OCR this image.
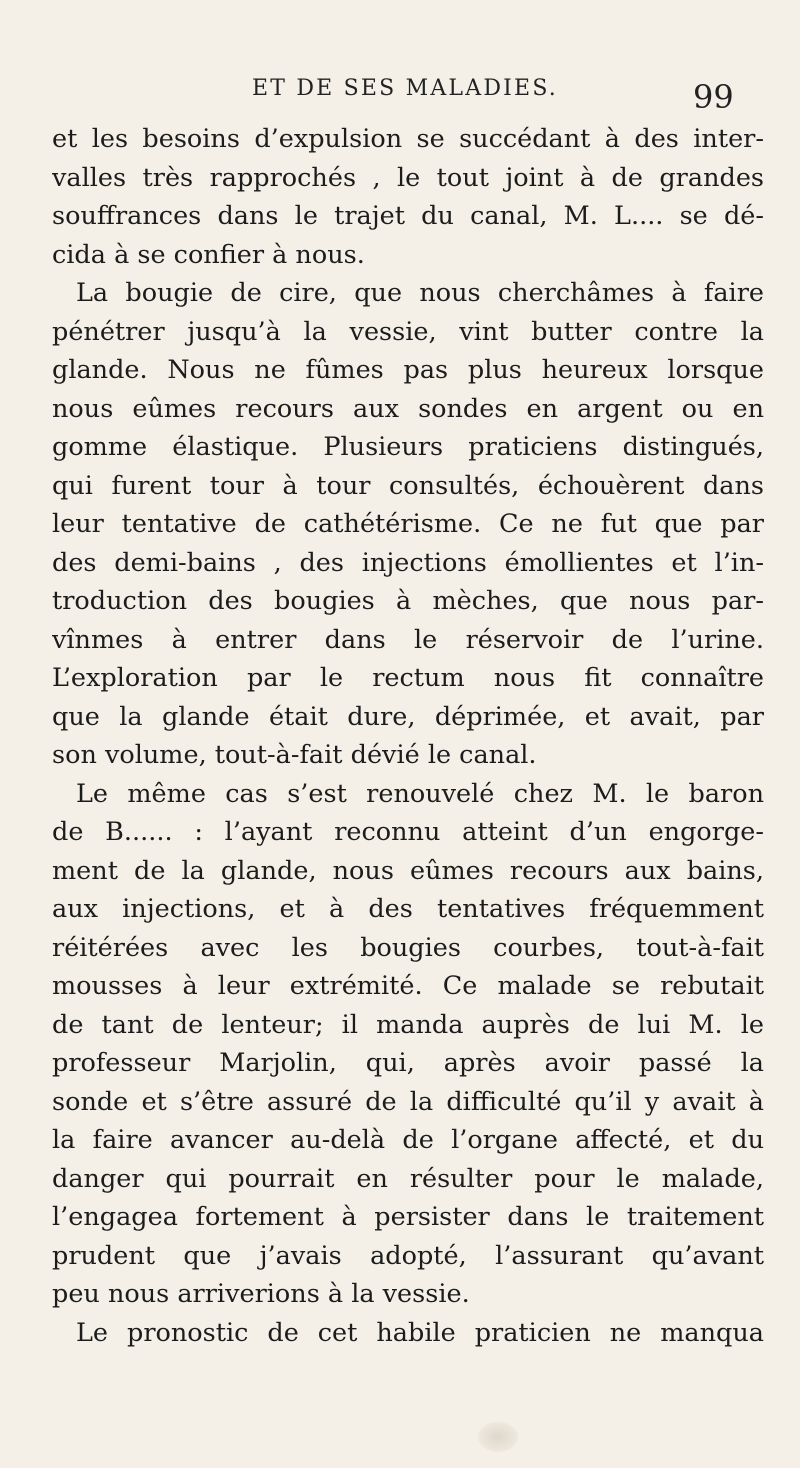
ET DE SES MALADIES.	99
et les besoins d’expulsion se succédant à des inter-
valles très rapprochés , le tout joint à de grandes
souffrances dans le trajet du canal, M. L.... se dé-
cida à se confier à nous.
La bougie de cire, que nous cherchâmes à faire
pénétrer jusqu’à la vessie, vint butter contre la
glande. Nous ne fûmes pas plus heureux lorsque
nous eûmes recours aux sondes en argent ou en
gomme élastique. Plusieurs praticiens distingués,
qui furent tour à tour consultés, échouèrent dans
leur tentative de cathétérisme. Ce ne fut que par
des demi-bains , des injections émollientes et l’in-
troduction des bougies à mèches, que nous par-
vînmes à entrer dans le réservoir de l’urine.
L’exploration par le rectum nous fit connaître
que la glande était dure, déprimée, et avait, par
son volume, tout-à-fait dévié le canal.
Le même cas s’est renouvelé chez M. le baron
de B...... : l’ayant reconnu atteint d’un engorge-
ment de la glande, nous eûmes recours aux bains,
aux injections, et à des tentatives fréquemment
réitérées avec les bougies courbes, tout-à-fait
mousses à leur extrémité. Ce malade se rebutait
de tant de lenteur; il manda auprès de lui M. le
professeur Marjolin, qui, après avoir passé la
sonde et s’être assuré de la difficulté qu’il y avait à
la faire avancer au-delà de l’organe affecté, et du
danger qui pourrait en résulter pour le malade,
l’engagea fortement à persister dans le traitement
prudent que j’avais adopté, l’assurant qu’avant
peu nous arriverions à la vessie.
Le pronostic de cet habile praticien ne manqua
